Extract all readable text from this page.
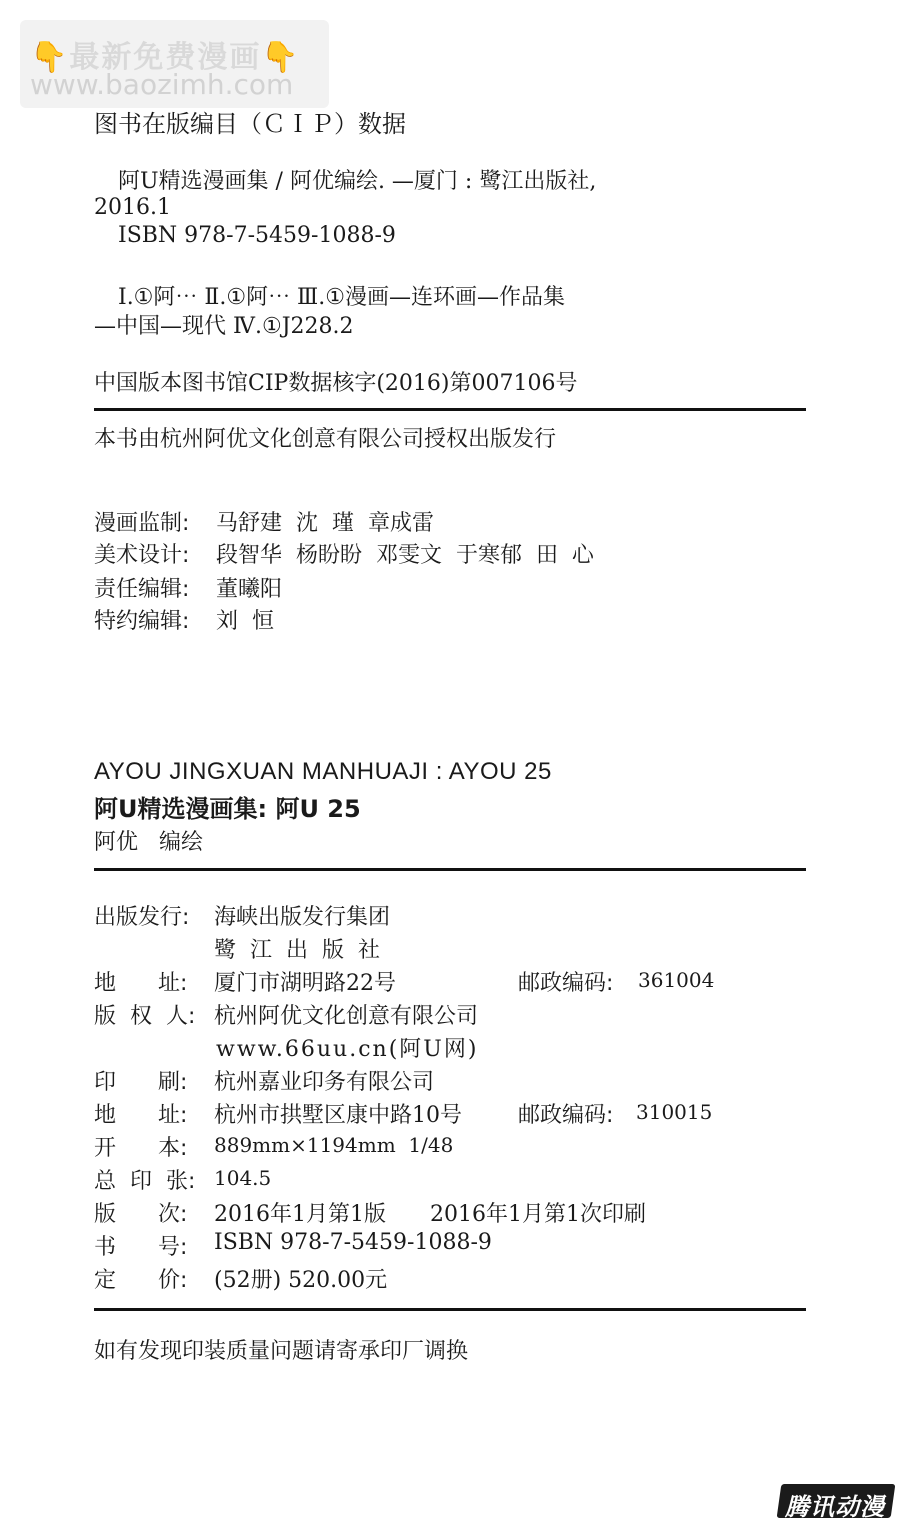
👇最新免费漫画👇
www.baozimh.com
图书在版编目（ＣＩＰ）数据
阿U精选漫画集 / 阿优编绘. —厦门 : 鹭江出版社,
2016.1
ISBN 978-7-5459-1088-9
Ⅰ.①阿⋯ Ⅱ.①阿⋯ Ⅲ.①漫画—连环画—作品集
—中国—现代 Ⅳ.①J228.2
中国版本图书馆CIP数据核字(2016)第007106号
本书由杭州阿优文化创意有限公司授权出版发行
漫画监制: 马舒建  沈  瑾  章成雷
美术设计: 段智华  杨盼盼  邓雯文  于寒郁  田  心
责任编辑: 董曦阳
特约编辑: 刘  恒
AYOU JINGXUAN MANHUAJI : AYOU 25
阿U精选漫画集: 阿U 25
阿优   编绘
出版发行: 海峡出版发行集团
鹭  江  出  版  社
地      址: 厦门市湖明路22号	邮政编码: 361004
版  权  人: 杭州阿优文化创意有限公司
www.66uu.cn(阿U网)
印      刷: 杭州嘉业印务有限公司
地      址: 杭州市拱墅区康中路10号	邮政编码: 310015
开      本: 889mm×1194mm  1/48
总  印  张: 104.5
版      次: 2016年1月第1版 2016年1月第1次印刷
书      号: ISBN 978-7-5459-1088-9
定      价: (52册) 520.00元
如有发现印装质量问题请寄承印厂调换
腾讯动漫
